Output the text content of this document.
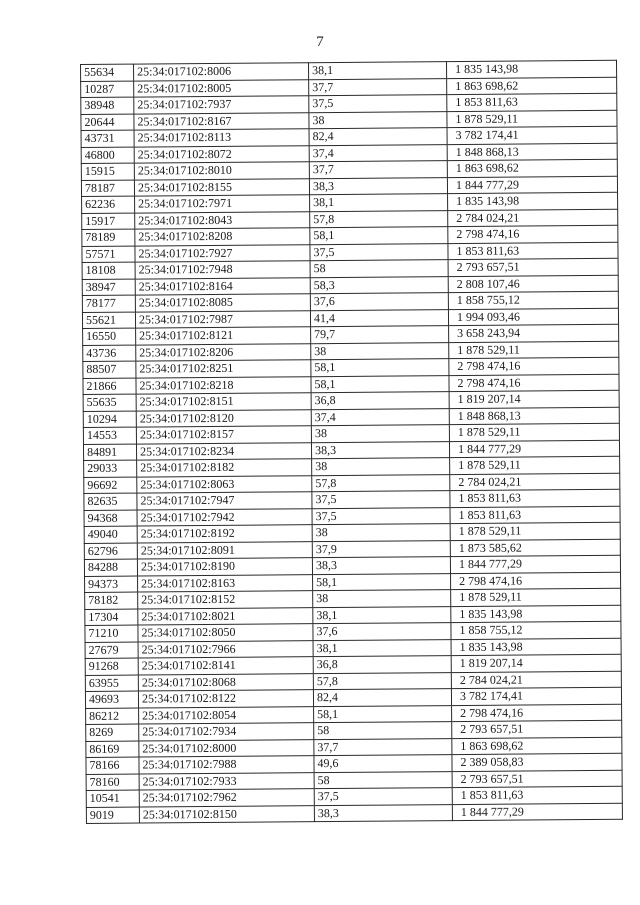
7
55634	25:34:017102:8006	38,1	1 835 143,98
10287	25:34:017102:8005	37,7	1 863 698,62
38948	25:34:017102:7937	37,5	1 853 811,63
20644	25:34:017102:8167	38	1 878 529,11
43731	25:34:017102:8113	82,4	3 782 174,41
46800	25:34:017102:8072	37,4	1 848 868,13
15915	25:34:017102:8010	37,7	1 863 698,62
78187	25:34:017102:8155	38,3	1 844 777,29
62236	25:34:017102:7971	38,1	1 835 143,98
15917	25:34:017102:8043	57,8	2 784 024,21
78189	25:34:017102:8208	58,1	2 798 474,16
57571	25:34:017102:7927	37,5	1 853 811,63
18108	25:34:017102:7948	58	2 793 657,51
38947	25:34:017102:8164	58,3	2 808 107,46
78177	25:34:017102:8085	37,6	1 858 755,12
55621	25:34:017102:7987	41,4	1 994 093,46
16550	25:34:017102:8121	79,7	3 658 243,94
43736	25:34:017102:8206	38	1 878 529,11
88507	25:34:017102:8251	58,1	2 798 474,16
21866	25:34:017102:8218	58,1	2 798 474,16
55635	25:34:017102:8151	36,8	1 819 207,14
10294	25:34:017102:8120	37,4	1 848 868,13
14553	25:34:017102:8157	38	1 878 529,11
84891	25:34:017102:8234	38,3	1 844 777,29
29033	25:34:017102:8182	38	1 878 529,11
96692	25:34:017102:8063	57,8	2 784 024,21
82635	25:34:017102:7947	37,5	1 853 811,63
94368	25:34:017102:7942	37,5	1 853 811,63
49040	25:34:017102:8192	38	1 878 529,11
62796	25:34:017102:8091	37,9	1 873 585,62
84288	25:34:017102:8190	38,3	1 844 777,29
94373	25:34:017102:8163	58,1	2 798 474,16
78182	25:34:017102:8152	38	1 878 529,11
17304	25:34:017102:8021	38,1	1 835 143,98
71210	25:34:017102:8050	37,6	1 858 755,12
27679	25:34:017102:7966	38,1	1 835 143,98
91268	25:34:017102:8141	36,8	1 819 207,14
63955	25:34:017102:8068	57,8	2 784 024,21
49693	25:34:017102:8122	82,4	3 782 174,41
86212	25:34:017102:8054	58,1	2 798 474,16
8269	25:34:017102:7934	58	2 793 657,51
86169	25:34:017102:8000	37,7	1 863 698,62
78166	25:34:017102:7988	49,6	2 389 058,83
78160	25:34:017102:7933	58	2 793 657,51
10541	25:34:017102:7962	37,5	1 853 811,63
9019	25:34:017102:8150	38,3	1 844 777,29
